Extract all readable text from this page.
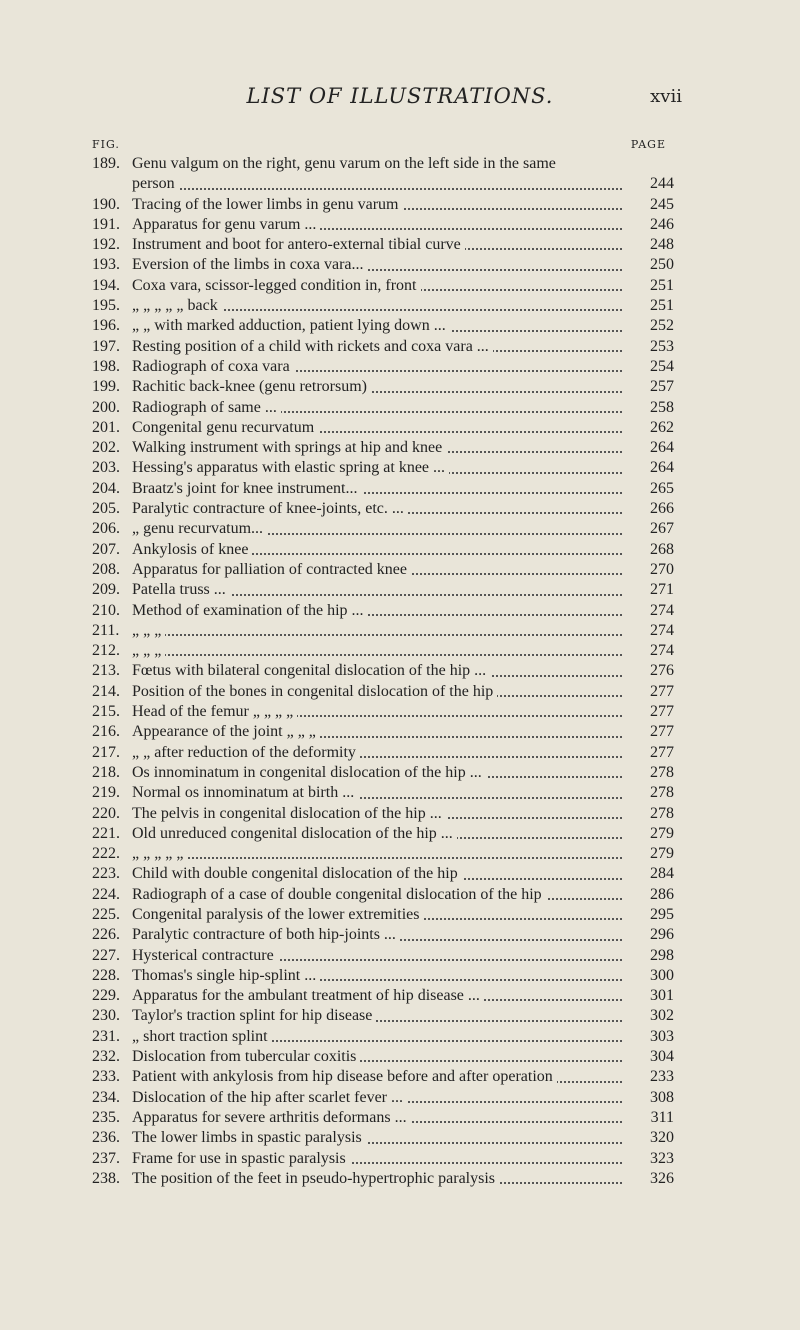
LIST OF ILLUSTRATIONS.	xvii
FIG.	PAGE
189. Genu valgum on the right, genu varum on the left side in the same
person	244
190. Tracing of the lower limbs in genu varum	245
191. Apparatus for genu varum ...	246
192. Instrument and boot for antero-external tibial curve	248
193. Eversion of the limbs in coxa vara...	250
194. Coxa vara, scissor-legged condition in, front	251
195. „ „ „ „ „ back	251
196. „ „ with marked adduction, patient lying down ...	252
197. Resting position of a child with rickets and coxa vara ...	253
198. Radiograph of coxa vara	254
199. Rachitic back-knee (genu retrorsum)	257
200. Radiograph of same ...	258
201. Congenital genu recurvatum	262
202. Walking instrument with springs at hip and knee	264
203. Hessing's apparatus with elastic spring at knee ...	264
204. Braatz's joint for knee instrument...	265
205. Paralytic contracture of knee-joints, etc. ...	266
206. „ genu recurvatum...	267
207. Ankylosis of knee	268
208. Apparatus for palliation of contracted knee	270
209. Patella truss ...	271
210. Method of examination of the hip ...	274
211. „ „ „	274
212. „ „ „	274
213. Fœtus with bilateral congenital dislocation of the hip ...	276
214. Position of the bones in congenital dislocation of the hip	277
215. Head of the femur „ „ „ „	277
216. Appearance of the joint „ „ „	277
217. „ „ after reduction of the deformity	277
218. Os innominatum in congenital dislocation of the hip ...	278
219. Normal os innominatum at birth ...	278
220. The pelvis in congenital dislocation of the hip ...	278
221. Old unreduced congenital dislocation of the hip ...	279
222. „ „ „ „ „	279
223. Child with double congenital dislocation of the hip	284
224. Radiograph of a case of double congenital dislocation of the hip	286
225. Congenital paralysis of the lower extremities	295
226. Paralytic contracture of both hip-joints ...	296
227. Hysterical contracture	298
228. Thomas's single hip-splint ...	300
229. Apparatus for the ambulant treatment of hip disease ...	301
230. Taylor's traction splint for hip disease	302
231. „ short traction splint	303
232. Dislocation from tubercular coxitis	304
233. Patient with ankylosis from hip disease before and after operation	233
234. Dislocation of the hip after scarlet fever ...	308
235. Apparatus for severe arthritis deformans ...	311
236. The lower limbs in spastic paralysis	320
237. Frame for use in spastic paralysis	323
238. The position of the feet in pseudo-hypertrophic paralysis	326
